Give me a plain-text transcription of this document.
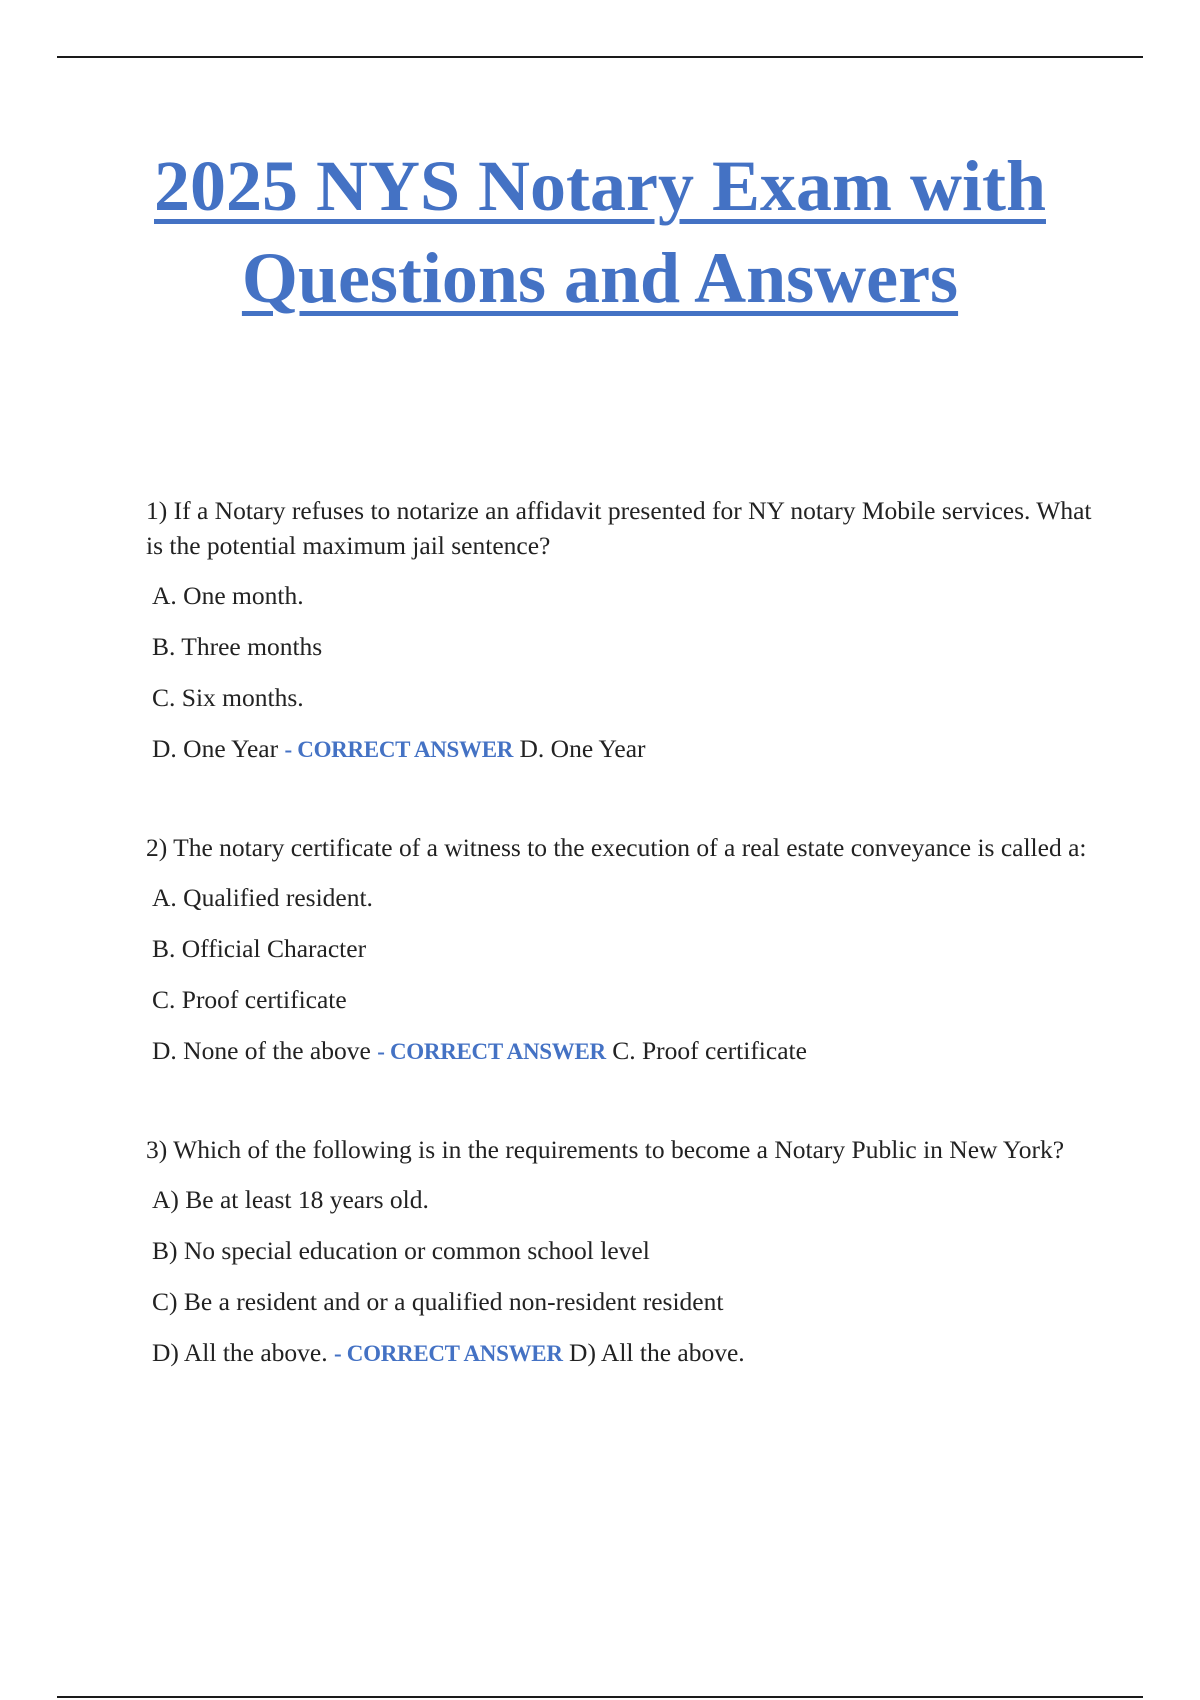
2025 NYS Notary Exam with Questions and Answers

1) If a Notary refuses to notarize an affidavit presented for NY notary Mobile services. What is the potential maximum jail sentence?

A. One month.
B. Three months
C. Six months.
D. One Year - CORRECT ANSWER D. One Year

2) The notary certificate of a witness to the execution of a real estate conveyance is called a:

A. Qualified resident.
B. Official Character
C. Proof certificate
D. None of the above - CORRECT ANSWER C. Proof certificate

3) Which of the following is in the requirements to become a Notary Public in New York?

A) Be at least 18 years old.
B) No special education or common school level
C) Be a resident and or a qualified non-resident resident
D) All the above. - CORRECT ANSWER D) All the above.
